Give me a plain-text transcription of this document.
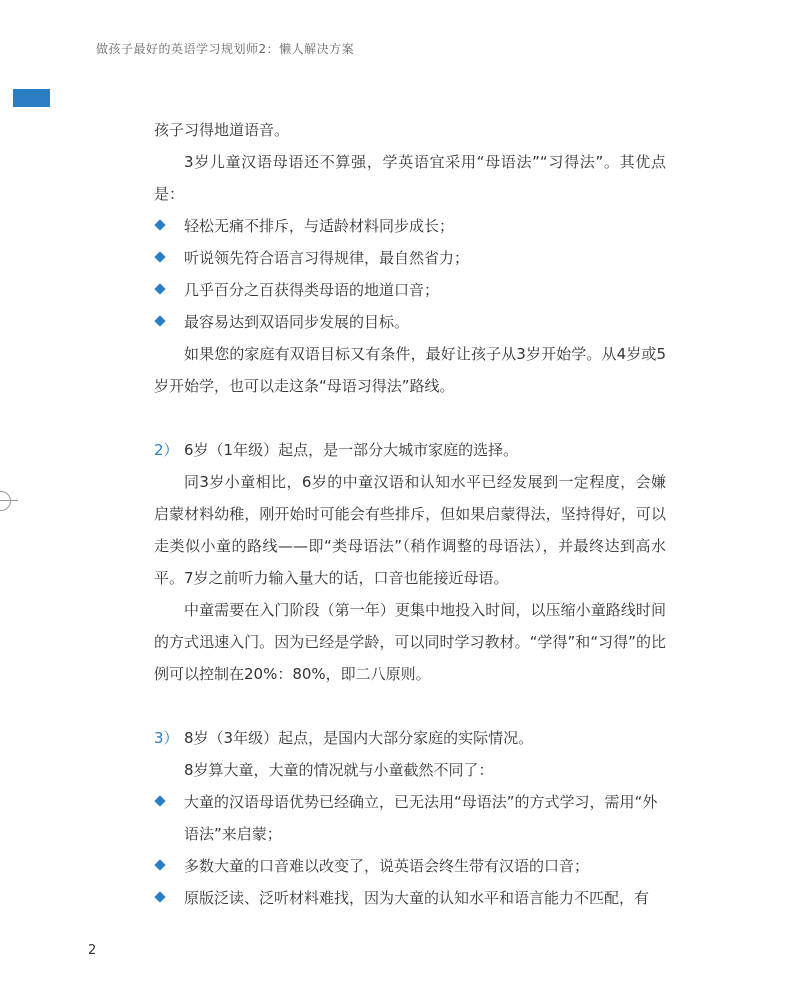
做孩子最好的英语学习规划师2：懒人解决方案

孩子习得地道语音。

3岁儿童汉语母语还不算强，学英语宜采用“母语法”“习得法”。其优点是：

轻松无痛不排斥，与适龄材料同步成长；
听说领先符合语言习得规律，最自然省力；
几乎百分之百获得类母语的地道口音；
最容易达到双语同步发展的目标。

如果您的家庭有双语目标又有条件，最好让孩子从3岁开始学。从4岁或5岁开始学，也可以走这条“母语习得法”路线。

2） 6岁（1年级）起点，是一部分大城市家庭的选择。

同3岁小童相比，6岁的中童汉语和认知水平已经发展到一定程度，会嫌启蒙材料幼稚，刚开始时可能会有些排斥，但如果启蒙得法，坚持得好，可以走类似小童的路线——即“类母语法”（稍作调整的母语法），并最终达到高水平。7岁之前听力输入量大的话，口音也能接近母语。

中童需要在入门阶段（第一年）更集中地投入时间，以压缩小童路线时间的方式迅速入门。因为已经是学龄，可以同时学习教材。“学得”和“习得”的比例可以控制在20%：80%，即二八原则。

3） 8岁（3年级）起点，是国内大部分家庭的实际情况。

8岁算大童，大童的情况就与小童截然不同了：

大童的汉语母语优势已经确立，已无法用“母语法”的方式学习，需用“外语法”来启蒙；
多数大童的口音难以改变了，说英语会终生带有汉语的口音；
原版泛读、泛听材料难找，因为大童的认知水平和语言能力不匹配，有
2
